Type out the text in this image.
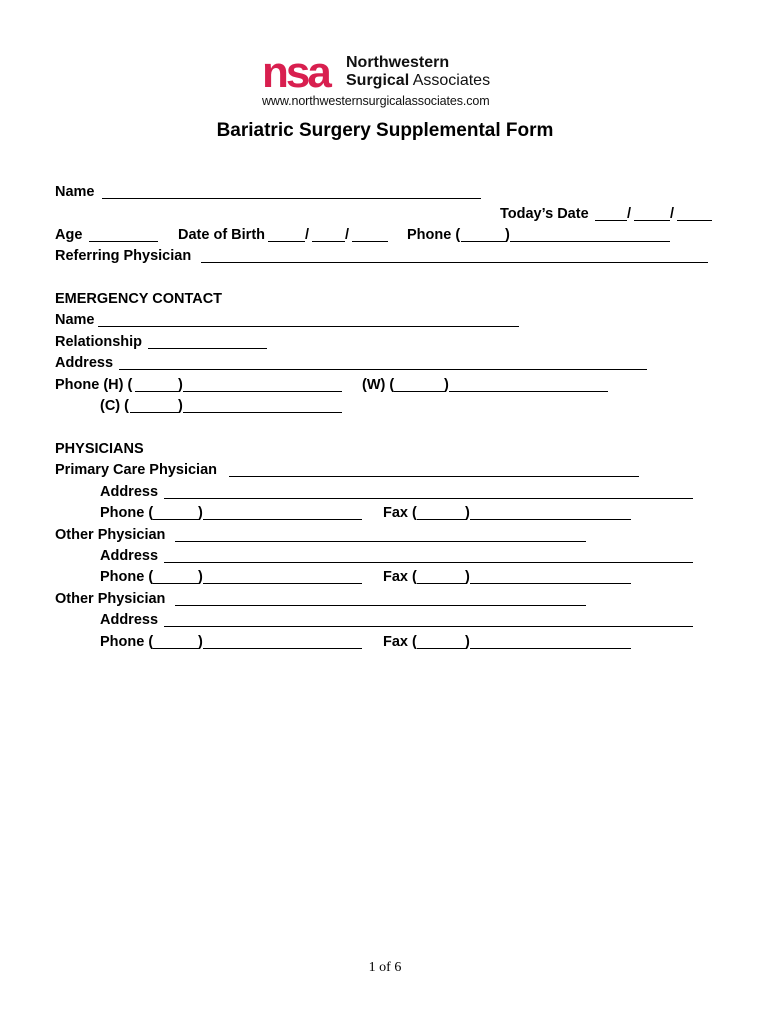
nsa Northwestern
Surgical Associates
www.northwesternsurgicalassociates.com
Bariatric Surgery Supplemental Form
Name
Today’s Date	/	/
Age	Date of Birth	/ /	Phone (	)
Referring Physician
EMERGENCY CONTACT
Name
Relationship
Address
Phone (H) (	)	(W) (	)
(C) (	)
PHYSICIANS
Primary Care Physician
Address
Phone (	)	Fax (	)
Other Physician
Address
Phone (	)	Fax (	)
Other Physician
Address
Phone (	)	Fax (	)
1 of 6
